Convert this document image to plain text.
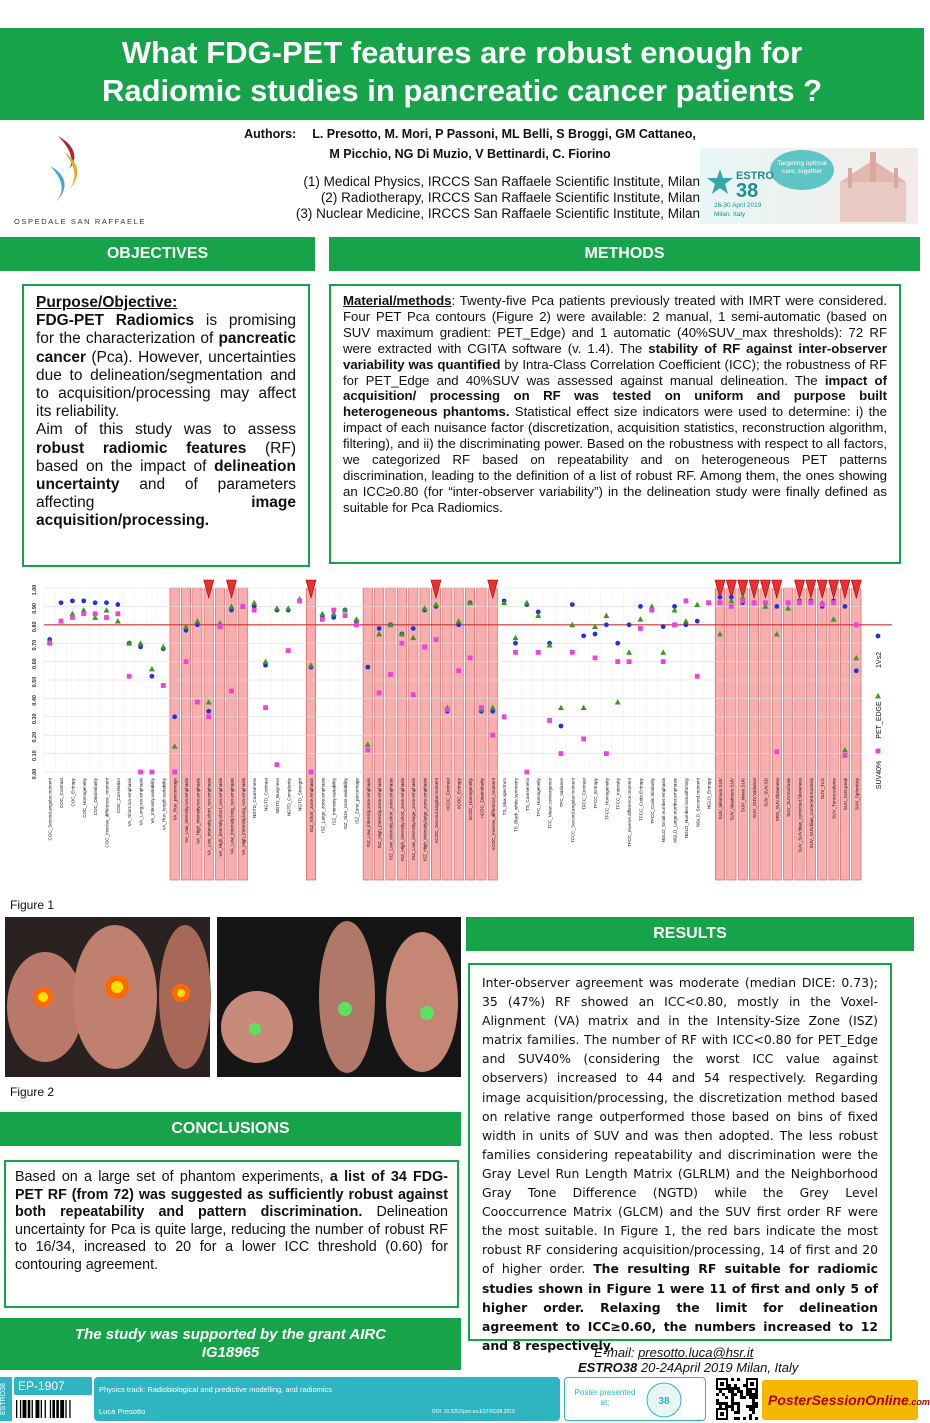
What FDG-PET features are robust enough for
Radiomic studies in pancreatic cancer patients ?
OSPEDALE SAN RAFFAELE
Authors: L. Presotto, M. Mori, P Passoni, ML Belli, S Broggi, GM Cattaneo,
M Picchio, NG Di Muzio, V Bettinardi, C. Fiorino
(1) Medical Physics, IRCCS San Raffaele Scientific Institute, Milan
(2) Radiotherapy, IRCCS San Raffaele Scientific Institute, Milan
(3) Nuclear Medicine, IRCCS San Raffaele Scientific Institute, Milan
Targeting optimal care, together
ESTRO
38
26-30 April 2019
Milan, Italy
OBJECTIVES
Purpose/Objective:
FDG-PET Radiomics is promising for the characterization of pancreatic cancer (Pca). However, uncertainties due to delineation/segmentation and to acquisition/processing may affect its reliability.
Aim of this study was to assess robust radiomic features (RF) based on the impact of delineation uncertainty and of parameters affecting image acquisition/processing.
METHODS
Material/methods: Twenty-five Pca patients previously treated with IMRT were considered. Four PET Pca contours (Figure 2) were available: 2 manual, 1 semi-automatic (based on SUV maximum gradient: PET_Edge) and 1 automatic (40%SUV_max thresholds): 72 RF were extracted with CGITA software (v. 1.4). The stability of RF against inter-observer variability was quantified by Intra-Class Correlation Coefficient (ICC); the robustness of RF for PET_Edge and 40%SUV was assessed against manual delineation. The impact of acquisition/ processing on RF was tested on uniform and purpose built heterogeneous phantoms. Statistical effect size indicators were used to determine: i) the impact of each nuisance factor (discretization, acquisition statistics, reconstruction algorithm, filtering), and ii) the discriminating power. Based on the robustness with respect to all factors, we categorized RF based on repeatability and on heterogeneous PET patterns discrimination, leading to the definition of a list of robust RF. Among them, the ones showing an ICC≥0.80 (for “inter-observer variability”) in the delineation study were finally defined as suitable for Pca Radiomics.
0.00
0.10
0.20
0.30
0.40
0.50
0.60
0.70
0.80
0.90
1.00
COC_Second.angular.moment COC_Contrast COC_Entropy COC_Homogeneity COC_Dissimilarity COC_Inverse_difference_moment COC_Correlation VA_Short.run.emphasis VA_Long.run.emphasis VA_Intensity.variability VA_Run_length.variability VA_Run_percentage VA_Low_intensity.run.emphasis VA_High_intensity.run.emphasis VA_Low_intensity.short_run.emphasis VA_High_intensity.short_run.emphasis VA_Low_intensity.long_run.emphasis VA_High_intensity.long_run.emphasis NGTD_Coarseness NGTD_Contrast NGTD_Busyness NGTD_Complexity NGTD_Strength ISZ_Short_zone.emphasis ISZ_Large_zone.emphasis ISZ_Intensity.variability ISZ_Size_zone.variability ISZ_Zone_percentage ISZ_Low_intensity.zone.emphasis ISZ_High_intensity.zone.emphasis ISZ_Low_intensity.short_zone.emphasis ISZ_High_intensity.short_zone.emphasis ISZ_Low_intensity.large_zone.emphasis ISZ_High_intensity.large_zone.emphasis nCOC_Second.angular.moment nCOC_Contrast nCOC_Entropy nCOC_Homogeneity nCOC_Dissimilarity nCOC_Inverse_difference_moment TS_Max.spectrum TS_Black_white.symmetry TS_Coarseness TFC_Homogeneity TFC_Mean.convergence TFC_Variance TFCC_Second.angular.moment TFCC_Contrast TFCC_Entropy TFCC_Homogeneity TFCC_Intensity TFCC_Inverse.difference.moment TFCC_Code.Entropy TFCC_Code.Similarity NGLD_Small.number.emphasis NGLD_Large.number.emphasis NGLD_Number.nonuniformity NGLD_Second.moment NGLD_Entropy SUV_Minimum.SUV SUV_Maximum.SUV SUV_Mean.SUV SUV_SUV.Variance SUV_SUV.SD SRS_SUV.Skewness SUV_SUV.Kurtosis SUV_SUV.bias_corrected.Skewness SUV_SUV.bias_corrected.Kurtosis SUV_TLG SUV_Tumor.volume SUV_SUV.peak SUV_Sphericity
1Vs2
PET_EDGE
SUV40%
Figure 1
Figure 2
RESULTS
Inter-observer agreement was moderate (median DICE: 0.73); 35 (47%) RF showed an ICC<0.80, mostly in the Voxel-Alignment (VA) matrix and in the Intensity-Size Zone (ISZ) matrix families. The number of RF with ICC<0.80 for PET_Edge and SUV40% (considering the worst ICC value against observers) increased to 44 and 54 respectively. Regarding image acquisition/processing, the discretization method based on relative range outperformed those based on bins of fixed width in units of SUV and was then adopted. The less robust families considering repeatability and discrimination were the Gray Level Run Length Matrix (GLRLM) and the Neighborhood Gray Tone Difference (NGTD) while the Grey Level Cooccurrence Matrix (GLCM) and the SUV first order RF were the most suitable. In Figure 1, the red bars indicate the most robust RF considering acquisition/processing, 14 of first and 20 of higher order. The resulting RF suitable for radiomic studies shown in Figure 1 were 11 of first and only 5 of higher order. Relaxing the limit for delineation agreement to ICC≥0.60, the numbers increased to 12 and 8 respectively.
CONCLUSIONS
Based on a large set of phantom experiments, a list of 34 FDG-PET RF (from 72) was suggested as sufficiently robust against both repeatability and pattern discrimination. Delineation uncertainty for Pca is quite large, reducing the number of robust RF to 16/34, increased to 20 for a lower ICC threshold (0.60) for contouring agreement.
The study was supported by the grant AIRC IG18965	E-mail: presotto.luca@hsr.it
ESTRO38 20-24April 2019 Milan, Italy
ESTRO38 EP-1907	Physics track: Radiobiological and predictive modelling, and radiomics
Luca Presotto	DOI: 10.3252/pso.eu.ESTRO38.2019
Poster presented at:	38	PosterSessionOnline.com
